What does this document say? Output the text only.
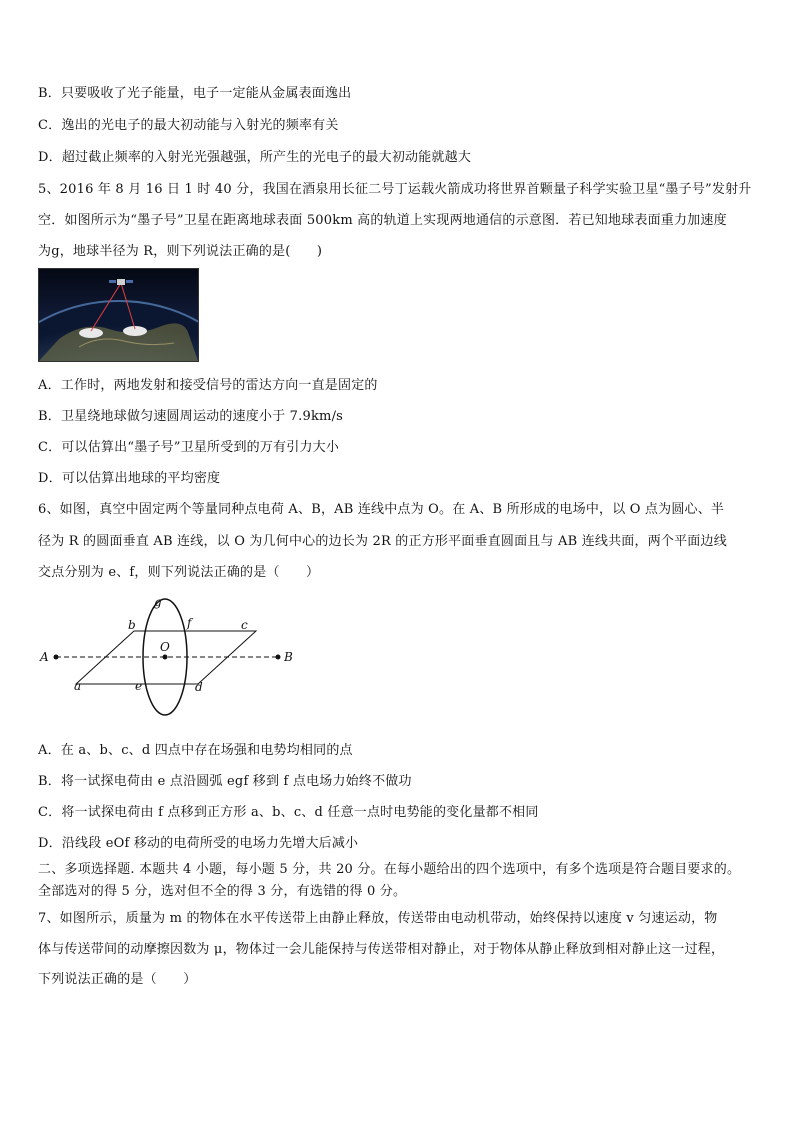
B．只要吸收了光子能量，电子一定能从金属表面逸出
C．逸出的光电子的最大初动能与入射光的频率有关
D．超过截止频率的入射光光强越强，所产生的光电子的最大初动能就越大
5、2016 年 8 月 16 日 1 时 40 分，我国在酒泉用长征二号丁运载火箭成功将世界首颗量子科学实验卫星“墨子号”发射升
空．如图所示为“墨子号”卫星在距离地球表面 500km 高的轨道上实现两地通信的示意图．若已知地球表面重力加速度
为g，地球半径为 R，则下列说法正确的是(　　)
A．工作时，两地发射和接受信号的雷达方向一直是固定的
B．卫星绕地球做匀速圆周运动的速度小于 7.9km/s
C．可以估算出“墨子号”卫星所受到的万有引力大小
D．可以估算出地球的平均密度
6、如图，真空中固定两个等量同种点电荷 A、B，AB 连线中点为 O。在 A、B 所形成的电场中，以 O 点为圆心、半
径为 R 的圆面垂直 AB 连线，以 O 为几何中心的边长为 2R 的正方形平面垂直圆面且与 AB 连线共面，两个平面边线
交点分别为 e、f，则下列说法正确的是（　　）
A	B
O
a
b	c
d
e
f
g
A．在 a、b、c、d 四点中存在场强和电势均相同的点
B．将一试探电荷由 e 点沿圆弧 egf 移到 f 点电场力始终不做功
C．将一试探电荷由 f 点移到正方形 a、b、c、d 任意一点时电势能的变化量都不相同
D．沿线段 eOf 移动的电荷所受的电场力先增大后减小
二、多项选择题. 本题共 4 小题，每小题 5 分，共 20 分。在每小题给出的四个选项中，有多个选项是符合题目要求的。
全部选对的得 5 分，选对但不全的得 3 分，有选错的得 0 分。
7、如图所示，质量为 m 的物体在水平传送带上由静止释放，传送带由电动机带动，始终保持以速度 v 匀速运动，物
体与传送带间的动摩擦因数为 μ，物体过一会儿能保持与传送带相对静止，对于物体从静止释放到相对静止这一过程，
下列说法正确的是（　　）
